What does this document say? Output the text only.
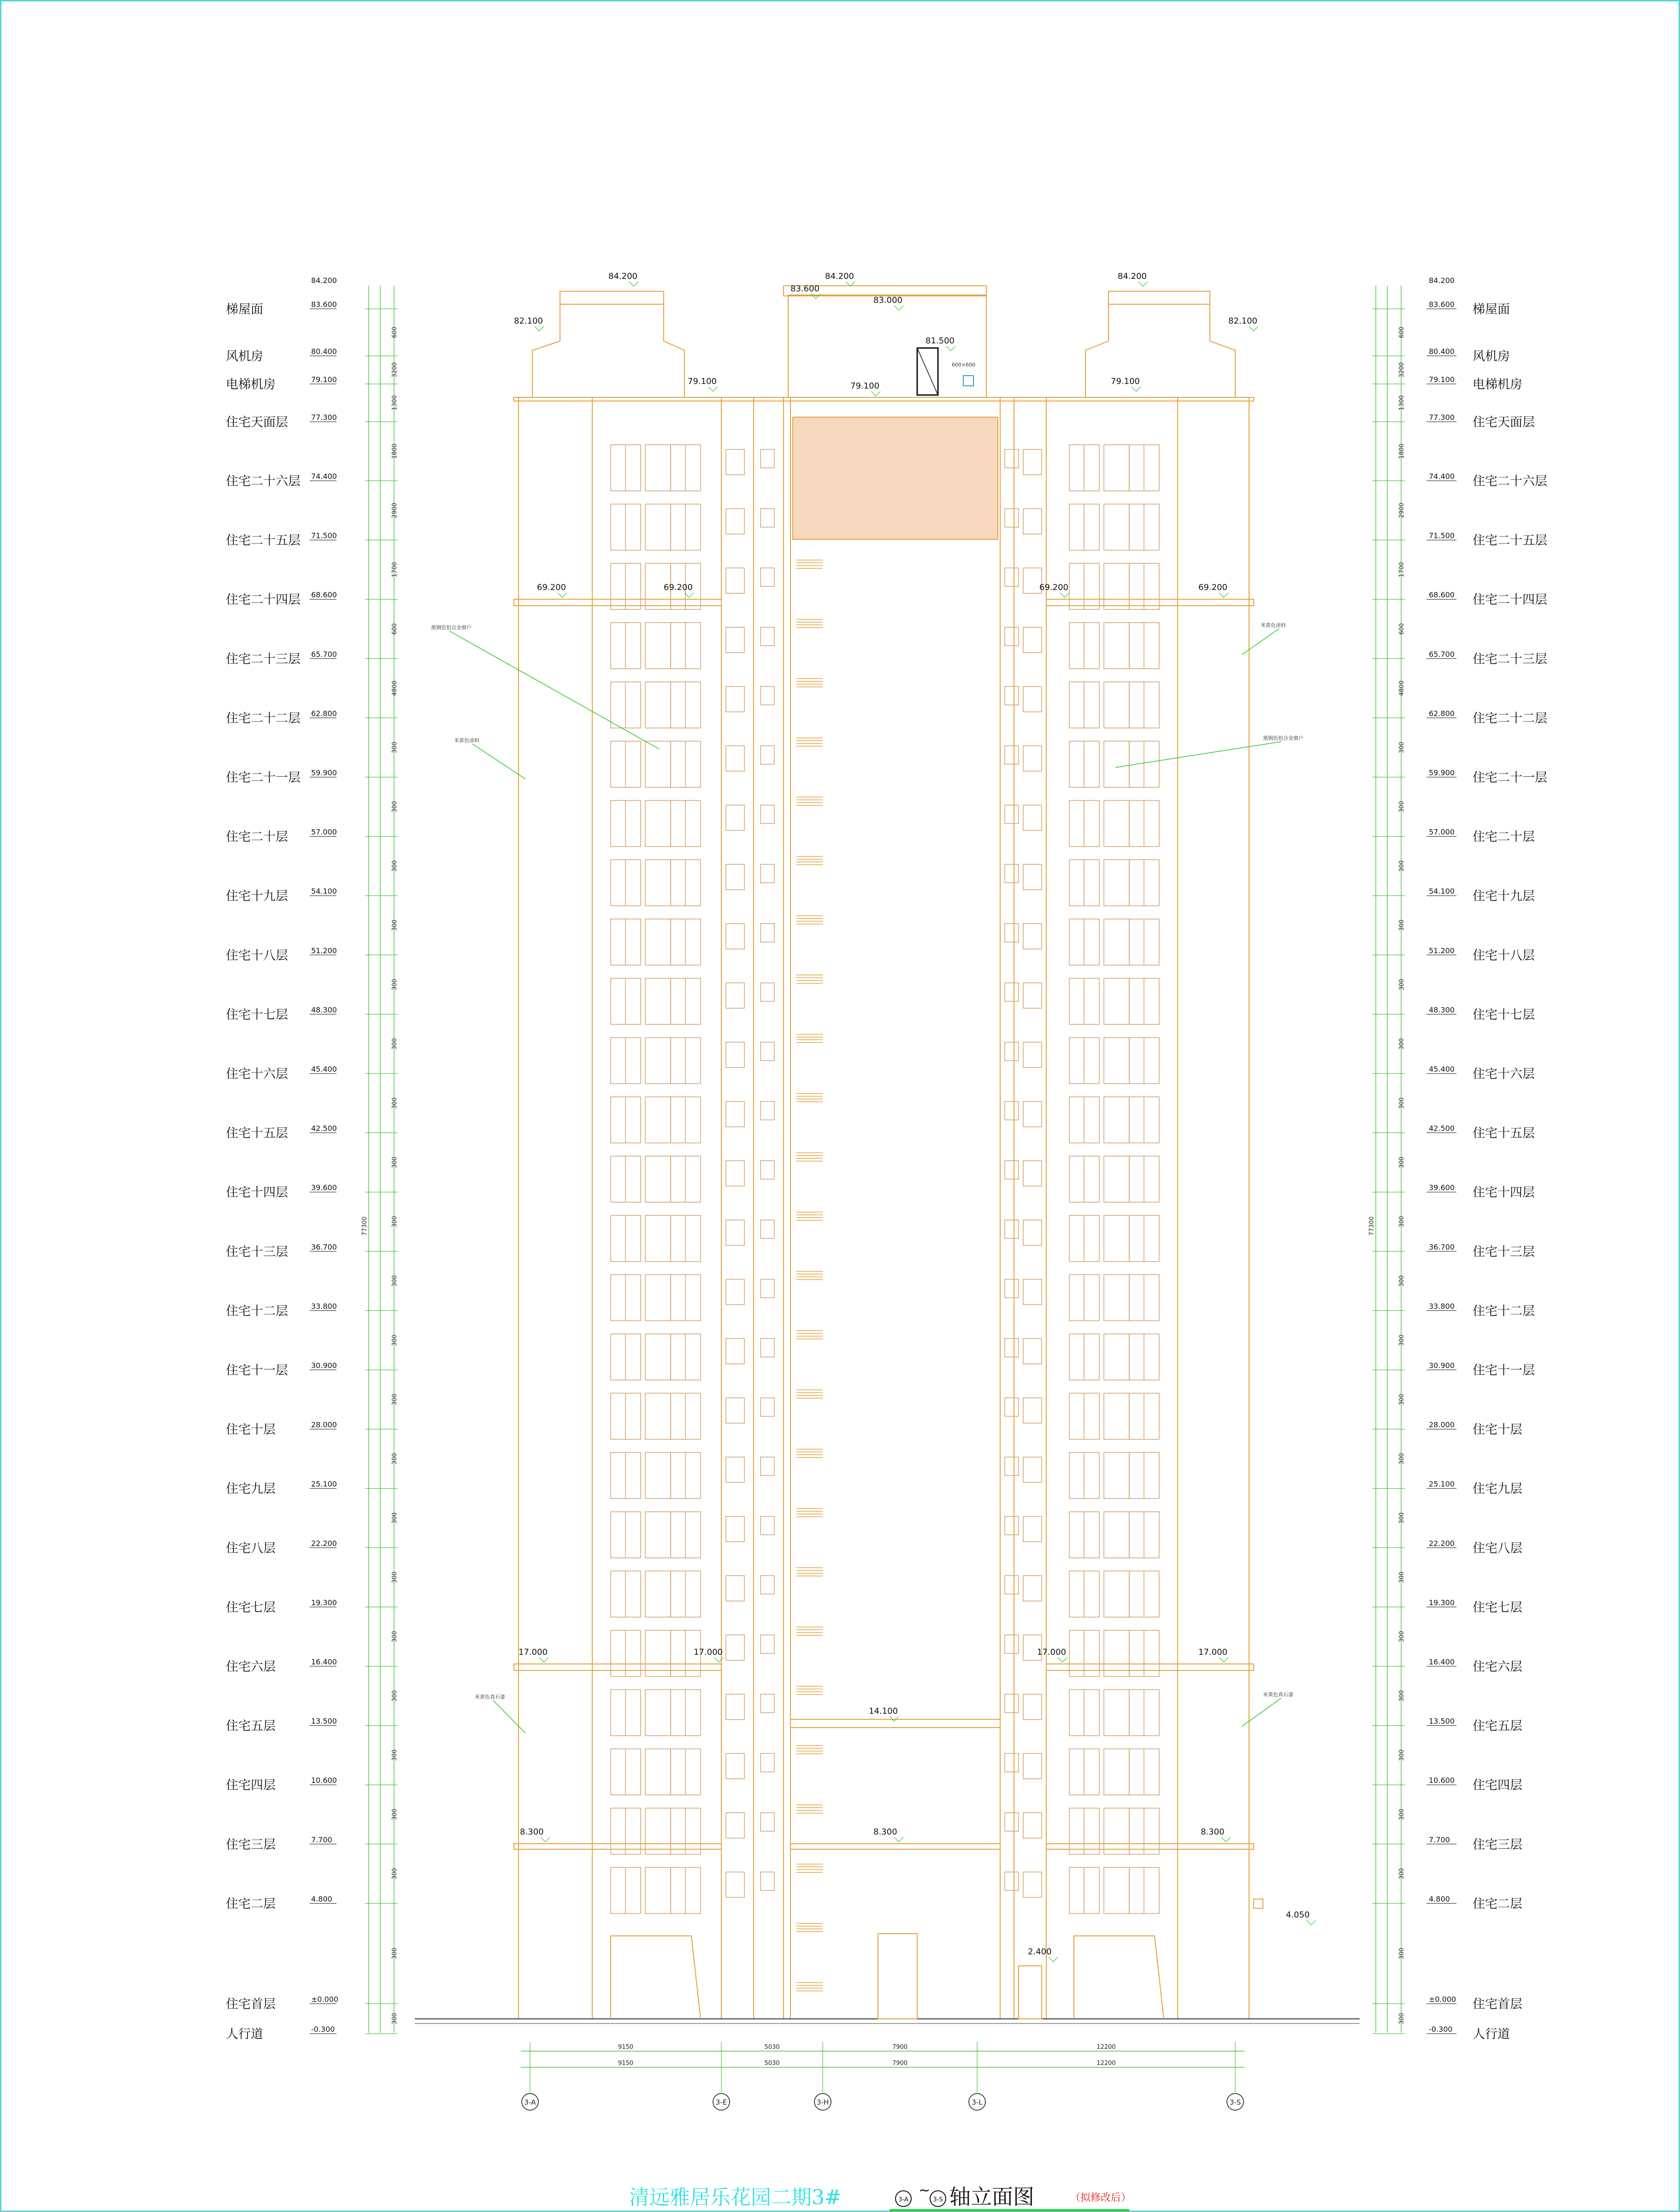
梯屋面	83.600
风机房	80.400
电梯机房	79.100
住宅天面层	77.300
住宅二十六层 74.400
住宅二十五层 71.500
住宅二十四层 68.600
住宅二十三层 65.700
住宅二十二层 62.800
住宅二十一层 59.900
住宅二十层	57.000
住宅十九层	54.100
住宅十八层	51.200
住宅十七层	48.300
住宅十六层	45.400
住宅十五层	42.500
住宅十四层	39.600
住宅十三层	36.700
住宅十二层	33.800
住宅十一层	30.900
住宅十层	28.000
住宅九层	25.100
住宅八层	22.200
住宅七层	19.300
住宅六层	16.400
住宅五层	13.500
住宅四层	10.600
住宅三层	7.700
住宅二层	4.800
住宅首层	±0.000
人行道	-0.300
84.200
梯屋面
83.600
风机房
80.400
电梯机房
79.100
住宅天面层
77.300
住宅二十六层
74.400
住宅二十五层
71.500
住宅二十四层
68.600
住宅二十三层
65.700
住宅二十二层
62.800
住宅二十一层
59.900
住宅二十层
57.000
住宅十九层
54.100
住宅十八层
51.200
住宅十七层
48.300
住宅十六层
45.400
住宅十五层
42.500
住宅十四层
39.600
住宅十三层
36.700
住宅十二层
33.800
住宅十一层
30.900
住宅十层
28.000
住宅九层
25.100
住宅八层
22.200
住宅七层
19.300
住宅六层
16.400
住宅五层
13.500
住宅四层
10.600
住宅三层
7.700
住宅二层
4.800
住宅首层
±0.000
人行道
-0.300
84.200
600
3200
1300
1800
2900
1700
600
4800
300
300
300
300
300
300
300
300
300
300
300
300
300
300
300
300
300
300
300
300
300
300
77300
600
3200
1300
1800
2900
1700
600
4800
300
300
300
300
300
300
300
300
300
300
300
300
300
300
300
300
300
300
300
300
300
300
77300
84.200	84.200	84.200
83.600
83.000
82.100	82.100
79.100	79.100
79.100
69.200	69.200	69.200	69.200
17.000	17.000	17.000	17.000
14.100
8.300	8.300	8.300
4.050
2.400
81.500
黑钢色铝合金窗户
米黄色涂料
米黄色涂料
黑钢色铝合金窗户
米黄色真石漆	米黄色真石漆
600×600
3-A	3-E	3-H	3-L	3-S
9150
9150
5030
5030
7900
7900
12200
12200
清远雅居乐花园二期3#	3-A
~
3-S 轴立面图	（拟修改后）
